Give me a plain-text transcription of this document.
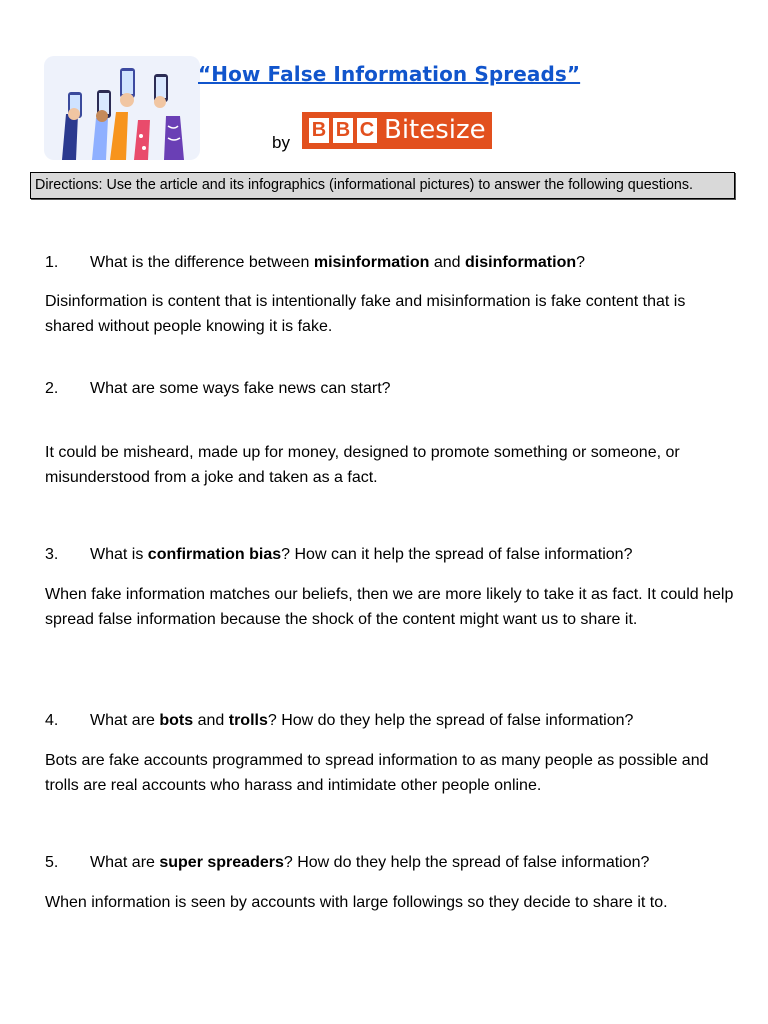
“How False Information Spreads”
by
B B C Bitesize
Directions: Use the article and its infographics (informational pictures) to answer the following questions.
1. What is the difference between misinformation and disinformation?
Disinformation is content that is intentionally fake and misinformation is fake content that is shared without people knowing it is fake.
2. What are some ways fake news can start?
It could be misheard, made up for money, designed to promote something or someone, or misunderstood from a joke and taken as a fact.
3. What is confirmation bias? How can it help the spread of false information?
When fake information matches our beliefs, then we are more likely to take it as fact. It could help spread false information because the shock of the content might want us to share it.
4. What are bots and trolls? How do they help the spread of false information?
Bots are fake accounts programmed to spread information to as many people as possible and trolls are real accounts who harass and intimidate other people online.
5. What are super spreaders? How do they help the spread of false information?
When information is seen by accounts with large followings so they decide to share it to.
